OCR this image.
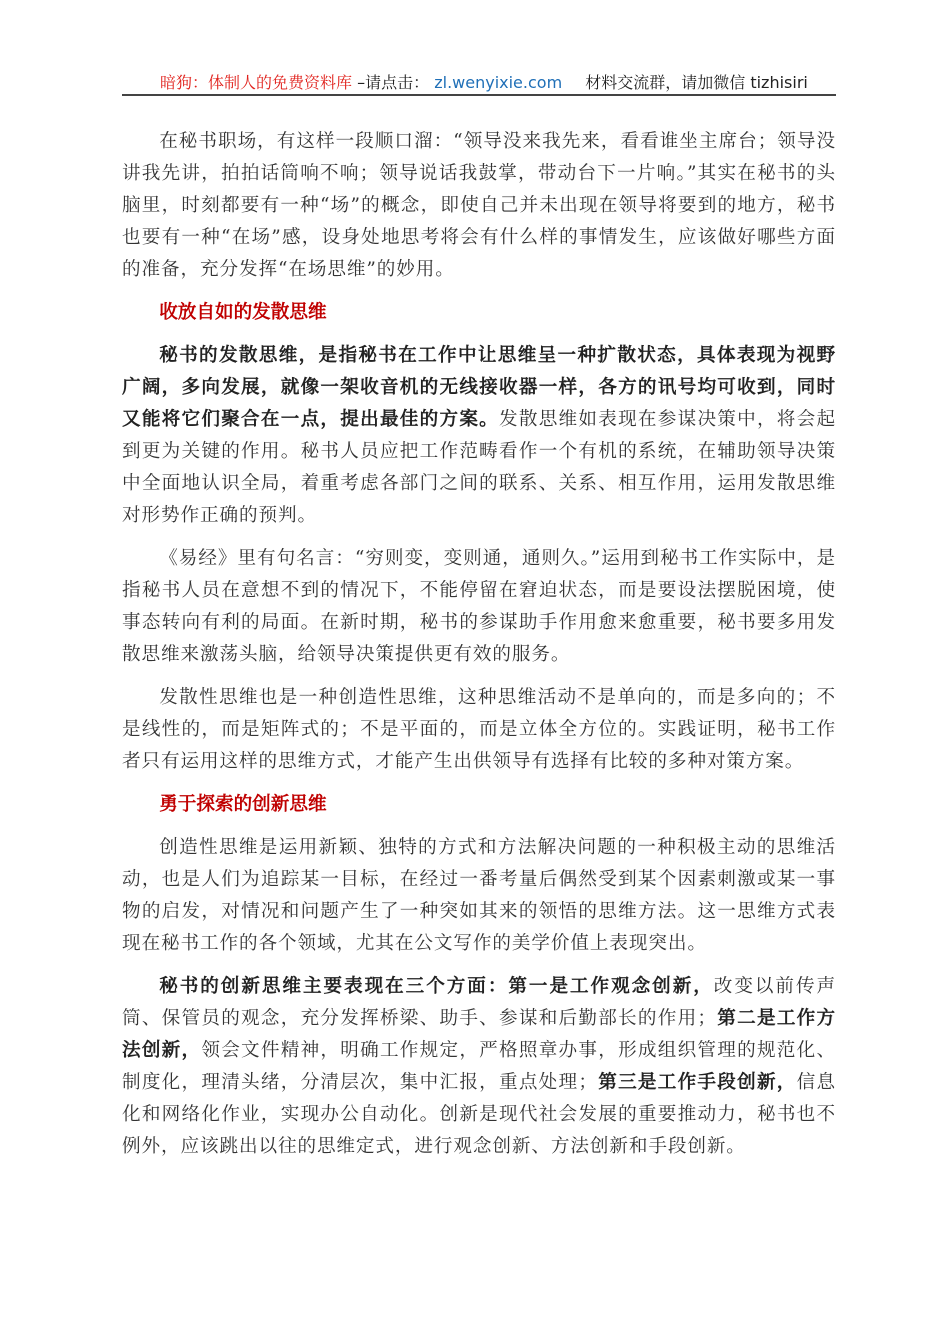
暗狗：体制人的免费资料库 –请点击： zl.wenyixie.com 材料交流群，请加微信 tizhisiri

在秘书职场，有这样一段顺口溜：“领导没来我先来，看看谁坐主席台；领导没讲我先讲，拍拍话筒响不响；领导说话我鼓掌，带动台下一片响。”其实在秘书的头脑里，时刻都要有一种“场”的概念，即使自己并未出现在领导将要到的地方，秘书也要有一种“在场”感，设身处地思考将会有什么样的事情发生，应该做好哪些方面的准备，充分发挥“在场思维”的妙用。

收放自如的发散思维

秘书的发散思维，是指秘书在工作中让思维呈一种扩散状态，具体表现为视野广阔，多向发展，就像一架收音机的无线接收器一样，各方的讯号均可收到，同时又能将它们聚合在一点，提出最佳的方案。发散思维如表现在参谋决策中，将会起到更为关键的作用。秘书人员应把工作范畴看作一个有机的系统，在辅助领导决策中全面地认识全局，着重考虑各部门之间的联系、关系、相互作用，运用发散思维对形势作正确的预判。

《易经》里有句名言：“穷则变，变则通，通则久。”运用到秘书工作实际中，是指秘书人员在意想不到的情况下，不能停留在窘迫状态，而是要设法摆脱困境，使事态转向有利的局面。在新时期，秘书的参谋助手作用愈来愈重要，秘书要多用发散思维来激荡头脑，给领导决策提供更有效的服务。

发散性思维也是一种创造性思维，这种思维活动不是单向的，而是多向的；不是线性的，而是矩阵式的；不是平面的，而是立体全方位的。实践证明，秘书工作者只有运用这样的思维方式，才能产生出供领导有选择有比较的多种对策方案。

勇于探索的创新思维

创造性思维是运用新颖、独特的方式和方法解决问题的一种积极主动的思维活动，也是人们为追踪某一目标，在经过一番考量后偶然受到某个因素刺激或某一事物的启发，对情况和问题产生了一种突如其来的领悟的思维方法。这一思维方式表现在秘书工作的各个领域，尤其在公文写作的美学价值上表现突出。

秘书的创新思维主要表现在三个方面：第一是工作观念创新，改变以前传声筒、保管员的观念，充分发挥桥梁、助手、参谋和后勤部长的作用；第二是工作方法创新，领会文件精神，明确工作规定，严格照章办事，形成组织管理的规范化、制度化，理清头绪，分清层次，集中汇报，重点处理；第三是工作手段创新，信息化和网络化作业，实现办公自动化。创新是现代社会发展的重要推动力，秘书也不例外，应该跳出以往的思维定式，进行观念创新、方法创新和手段创新。
